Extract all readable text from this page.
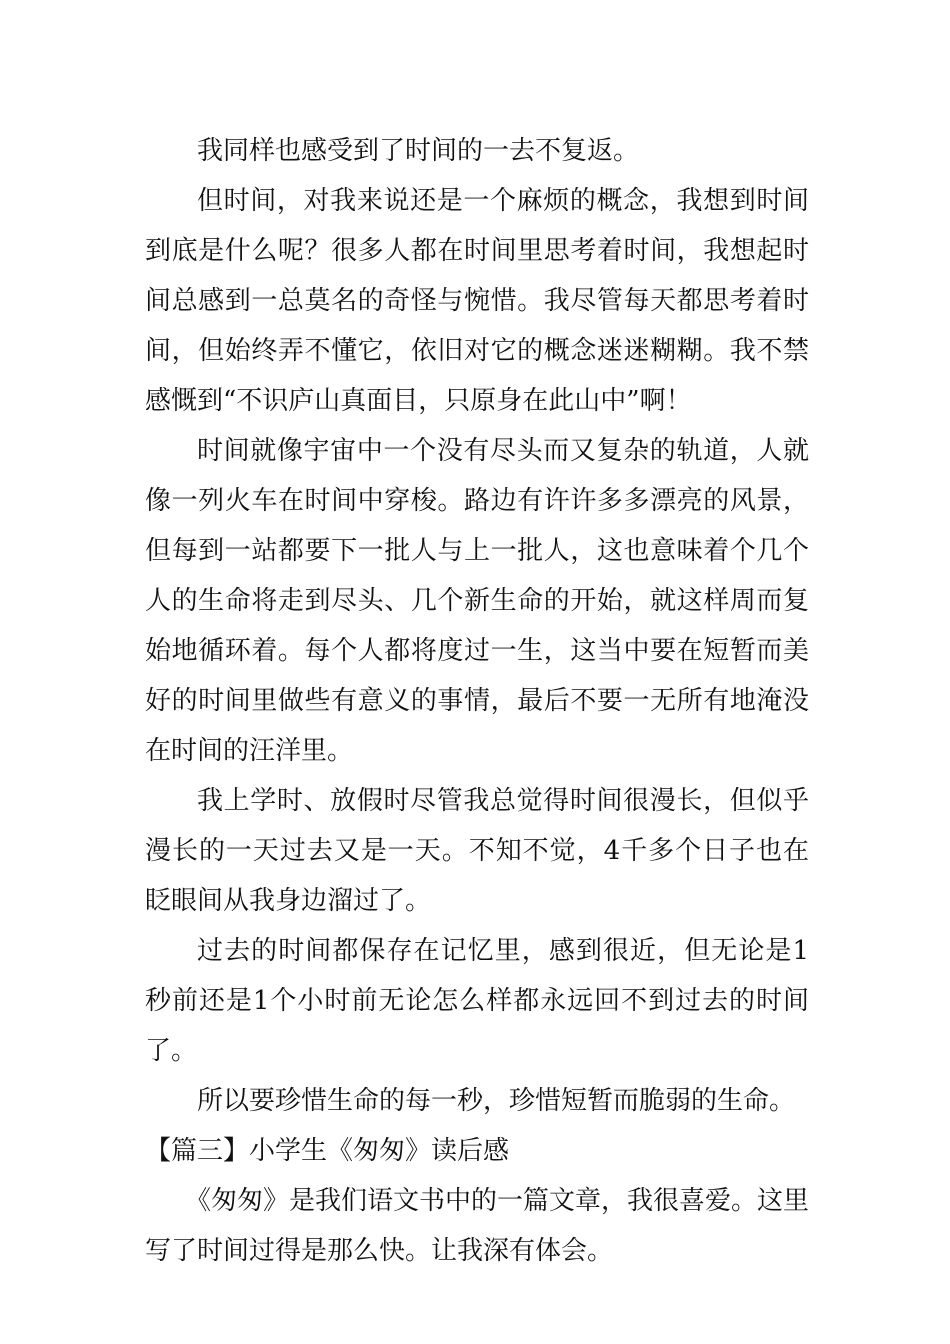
我同样也感受到了时间的一去不复返。

但时间，对我来说还是一个麻烦的概念，我想到时间到底是什么呢？很多人都在时间里思考着时间，我想起时间总感到一总莫名的奇怪与惋惜。我尽管每天都思考着时间，但始终弄不懂它，依旧对它的概念迷迷糊糊。我不禁感慨到“不识庐山真面目，只原身在此山中”啊！

时间就像宇宙中一个没有尽头而又复杂的轨道，人就像一列火车在时间中穿梭。路边有许许多多漂亮的风景，但每到一站都要下一批人与上一批人，这也意味着个几个人的生命将走到尽头、几个新生命的开始，就这样周而复始地循环着。每个人都将度过一生，这当中要在短暂而美好的时间里做些有意义的事情，最后不要一无所有地淹没在时间的汪洋里。

我上学时、放假时尽管我总觉得时间很漫长，但似乎漫长的一天过去又是一天。不知不觉，4千多个日子也在眨眼间从我身边溜过了。

过去的时间都保存在记忆里，感到很近，但无论是1秒前还是1个小时前无论怎么样都永远回不到过去的时间了。

所以要珍惜生命的每一秒，珍惜短暂而脆弱的生命。

【篇三】小学生《匆匆》读后感

《匆匆》是我们语文书中的一篇文章，我很喜爱。这里写了时间过得是那么快。让我深有体会。
